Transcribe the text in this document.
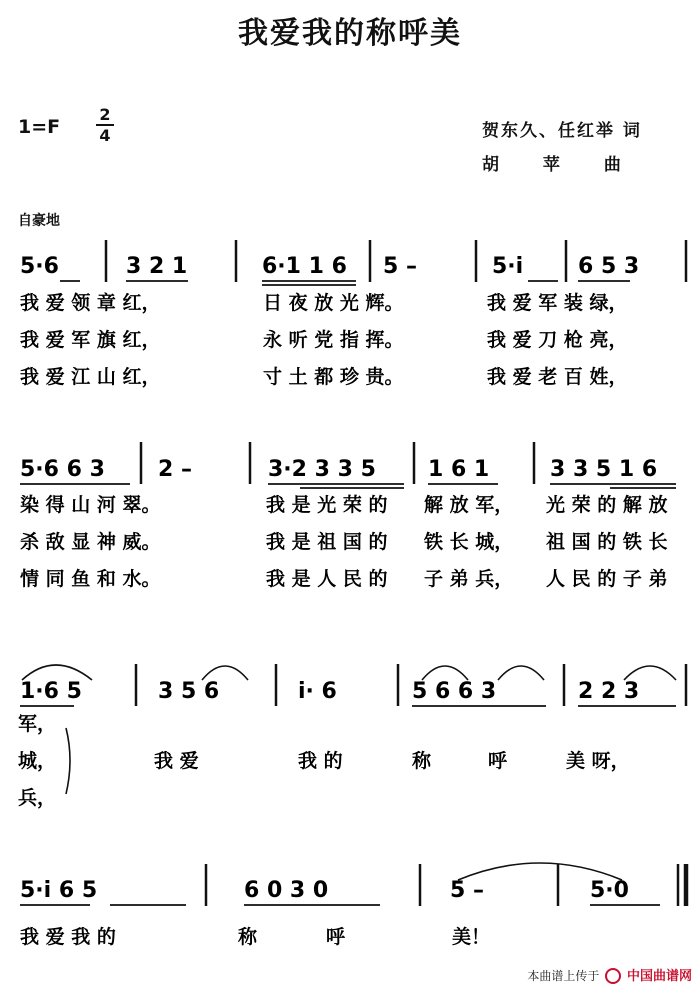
我爱我的称呼美
1=F
2
4	贺东久、任红举 词
胡 苹 曲
自豪地
5·6	3 2 1	6·1 1 6 5 –	5·i 6 5 3
我 爱 领 章 红，	日 夜 放 光 辉。	我 爱 军 装 绿，
我 爱 军 旗 红，	永 听 党 指 挥。	我 爱 刀 枪 亮，
我 爱 江 山 红，	寸 土 都 珍 贵。	我 爱 老 百 姓，
5·6 6 3 2 –	3·2 3 3 5 1 6 1	3 3 5 1 6
染 得 山 河 翠。	我 是 光 荣 的 解 放 军， 光 荣 的 解 放
杀 敌 显 神 威。	我 是 祖 国 的 铁 长 城， 祖 国 的 铁 长
情 同 鱼 和 水。	我 是 人 民 的 子 弟 兵， 人 民 的 子 弟
1·6 5	3 5 6	i· 6	5 6 6 3	2 2 3
军，
城，
兵，
我 爱	我 的	称	呼	美 呀，
5·i 6 5	6 0 3 0	5 –	5·0
我 爱 我 的	称	呼	美！
本曲谱上传于 中国曲谱网
